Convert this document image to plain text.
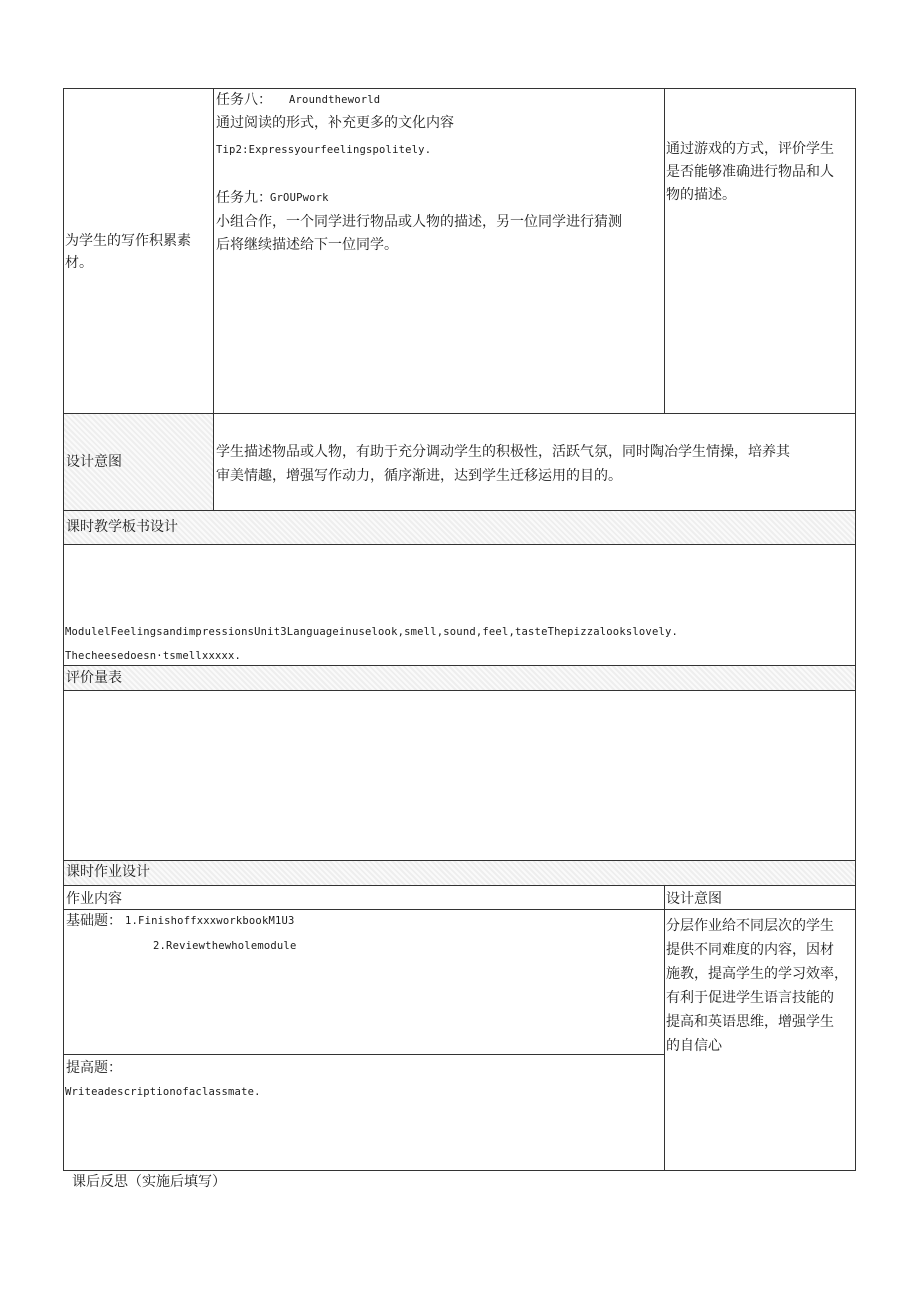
为学生的写作积累素材。
任务八： Aroundtheworld
通过阅读的形式，补充更多的文化内容
Tip2:Expressyourfeelingspolitely.
任务九：
GrOUPwork
小组合作，一个同学进行物品或人物的描述，另一位同学进行猜测
后将继续描述给下一位同学。
通过游戏的方式，评价学生
是否能够准确进行物品和人
物的描述。
设计意图
学生描述物品或人物，有助于充分调动学生的积极性，活跃气氛，同时陶冶学生情操，培养其
审美情趣，增强写作动力，循序渐进，达到学生迁移运用的目的。
课时教学板书设计
ModulelFeelingsandimpressionsUnit3Languageinuselook,smell,sound,feel,tasteThepizzalookslovely.
Thecheesedoesn·tsmellxxxxx.
评价量表
课时作业设计
作业内容	设计意图
基础题： 1.FinishoffxxxworkbookM1U3
2.Reviewthewholemodule
提高题：
Writeadescriptionofaclassmate.
分层作业给不同层次的学生
提供不同难度的内容，因材
施教，提高学生的学习效率，
有利于促进学生语言技能的
提高和英语思维，增强学生
的自信心
课后反思（实施后填写）
